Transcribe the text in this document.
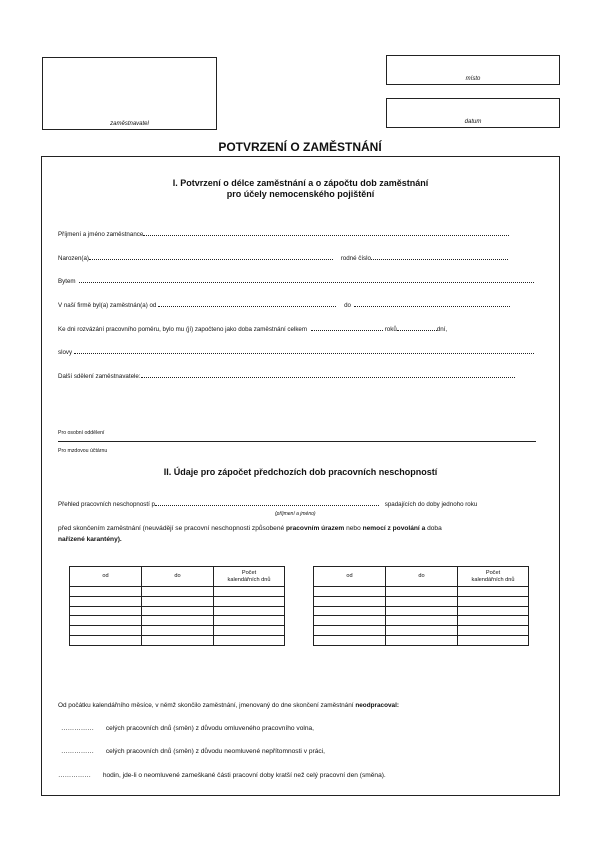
zaměstnavatel
místo
datum
POTVRZENÍ O ZAMĚSTNÁNÍ
I. Potvrzení o délce zaměstnání a o zápočtu dob zaměstnání
pro účely nemocenského pojištění
Příjmení a jméno zaměstnance
Narozen(a)	rodné číslo
Bytem
V naší firmě byl(a) zaměstnán(a) od	do
Ke dni rozvázání pracovního poměru, bylo mu (jí) započteno jako doba zaměstnání celkem	roků	dní,
slovy
Další sdělení zaměstnavatele:
Pro osobní oddělení
Pro mzdovou účtárnu
II. Údaje pro zápočet předchozích dob pracovních neschopností
Přehled pracovních neschopností p	spadajících do doby jednoho roku
(příjmení a jméno)
před skončením zaměstnání (neuvádějí se pracovní neschopnosti způsobené pracovním úrazem nebo nemocí z povolání a doba
nařízené karantény).
od	do	Počet
kalendářních dnů

od	do	Počet
kalendářních dnů

Od počátku kalendářního měsíce, v němž skončilo zaměstnání, jmenovaný do dne skončení zaměstnání neodpracoval:
…………… celých pracovních dnů (směn) z důvodu omluveného pracovního volna,
…………… celých pracovních dnů (směn) z důvodu neomluvené nepřítomnosti v práci,
…………… hodin, jde-li o neomluvené zameškané části pracovní doby kratší než celý pracovní den (směna).
